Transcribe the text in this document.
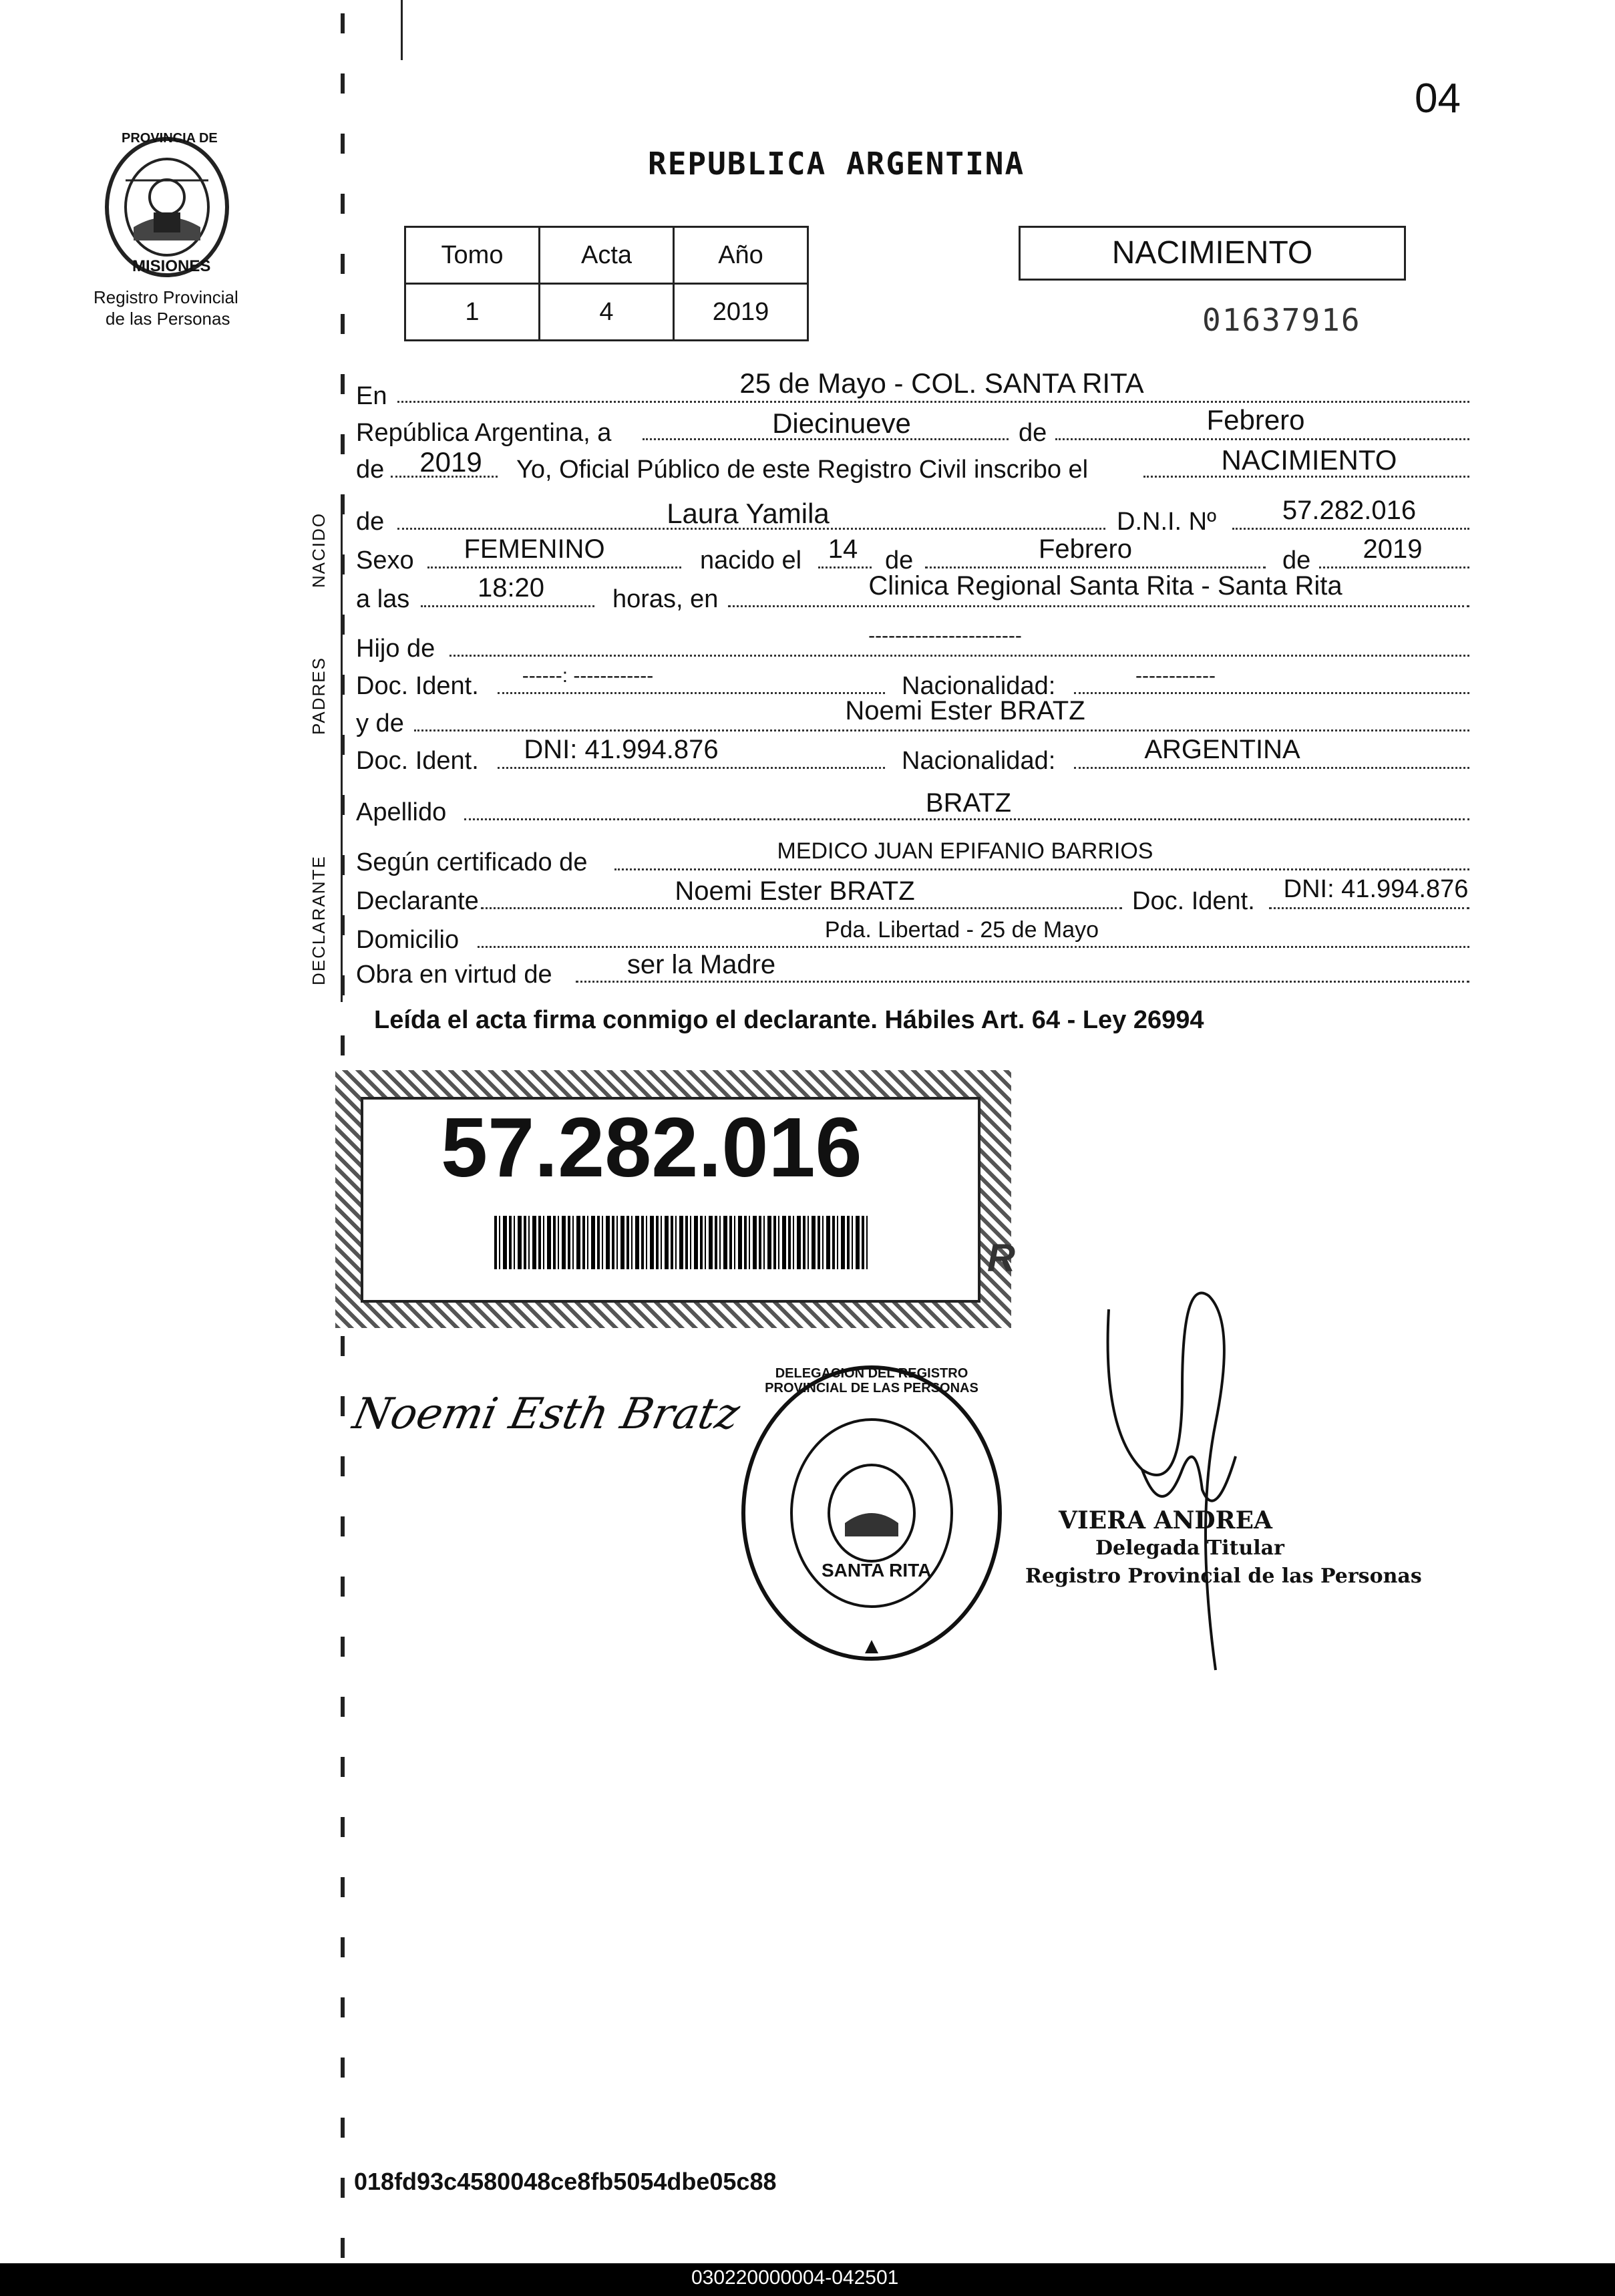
04
PROVINCIA DE
MISIONES
Registro Provincial
de las Personas
REPUBLICA ARGENTINA
Tomo	Acta	Año
1	4	2019
NACIMIENTO
01637916
NACIDO
PADRES
DECLARANTE
En	25 de Mayo - COL. SANTA RITA
República Argentina, a	Diecinueve	de	Febrero
de 2019 Yo, Oficial Público de este Registro Civil inscribo el	NACIMIENTO
de	Laura Yamila	D.N.I. Nº 57.282.016
Sexo FEMENINO	nacido el 14 de	Febrero	de 2019
a las	18:20	horas, en	Clinica Regional Santa Rita - Santa Rita
Hijo de	-----------------------
Doc. Ident. ------: ------------	Nacionalidad:	------------
y de	Noemi Ester BRATZ
Doc. Ident. DNI: 41.994.876	Nacionalidad:	ARGENTINA
Apellido	BRATZ
Según certificado de	MEDICO JUAN EPIFANIO BARRIOS
Declarante	Noemi Ester BRATZ	Doc. Ident. DNI: 41.994.876
Domicilio	Pda. Libertad - 25 de Mayo
Obra en virtud de	ser la Madre
Leída el acta firma conmigo el declarante. Hábiles Art. 64 - Ley 26994
57.282.016
R
Noemi Esth Bratz
DELEGACION DEL REGISTRO PROVINCIAL DE LAS PERSONAS
SANTA RITA
VIERA ANDREA
Delegada Titular
Registro Provincial de las Personas
018fd93c4580048ce8fb5054dbe05c88
030220000004-042501
